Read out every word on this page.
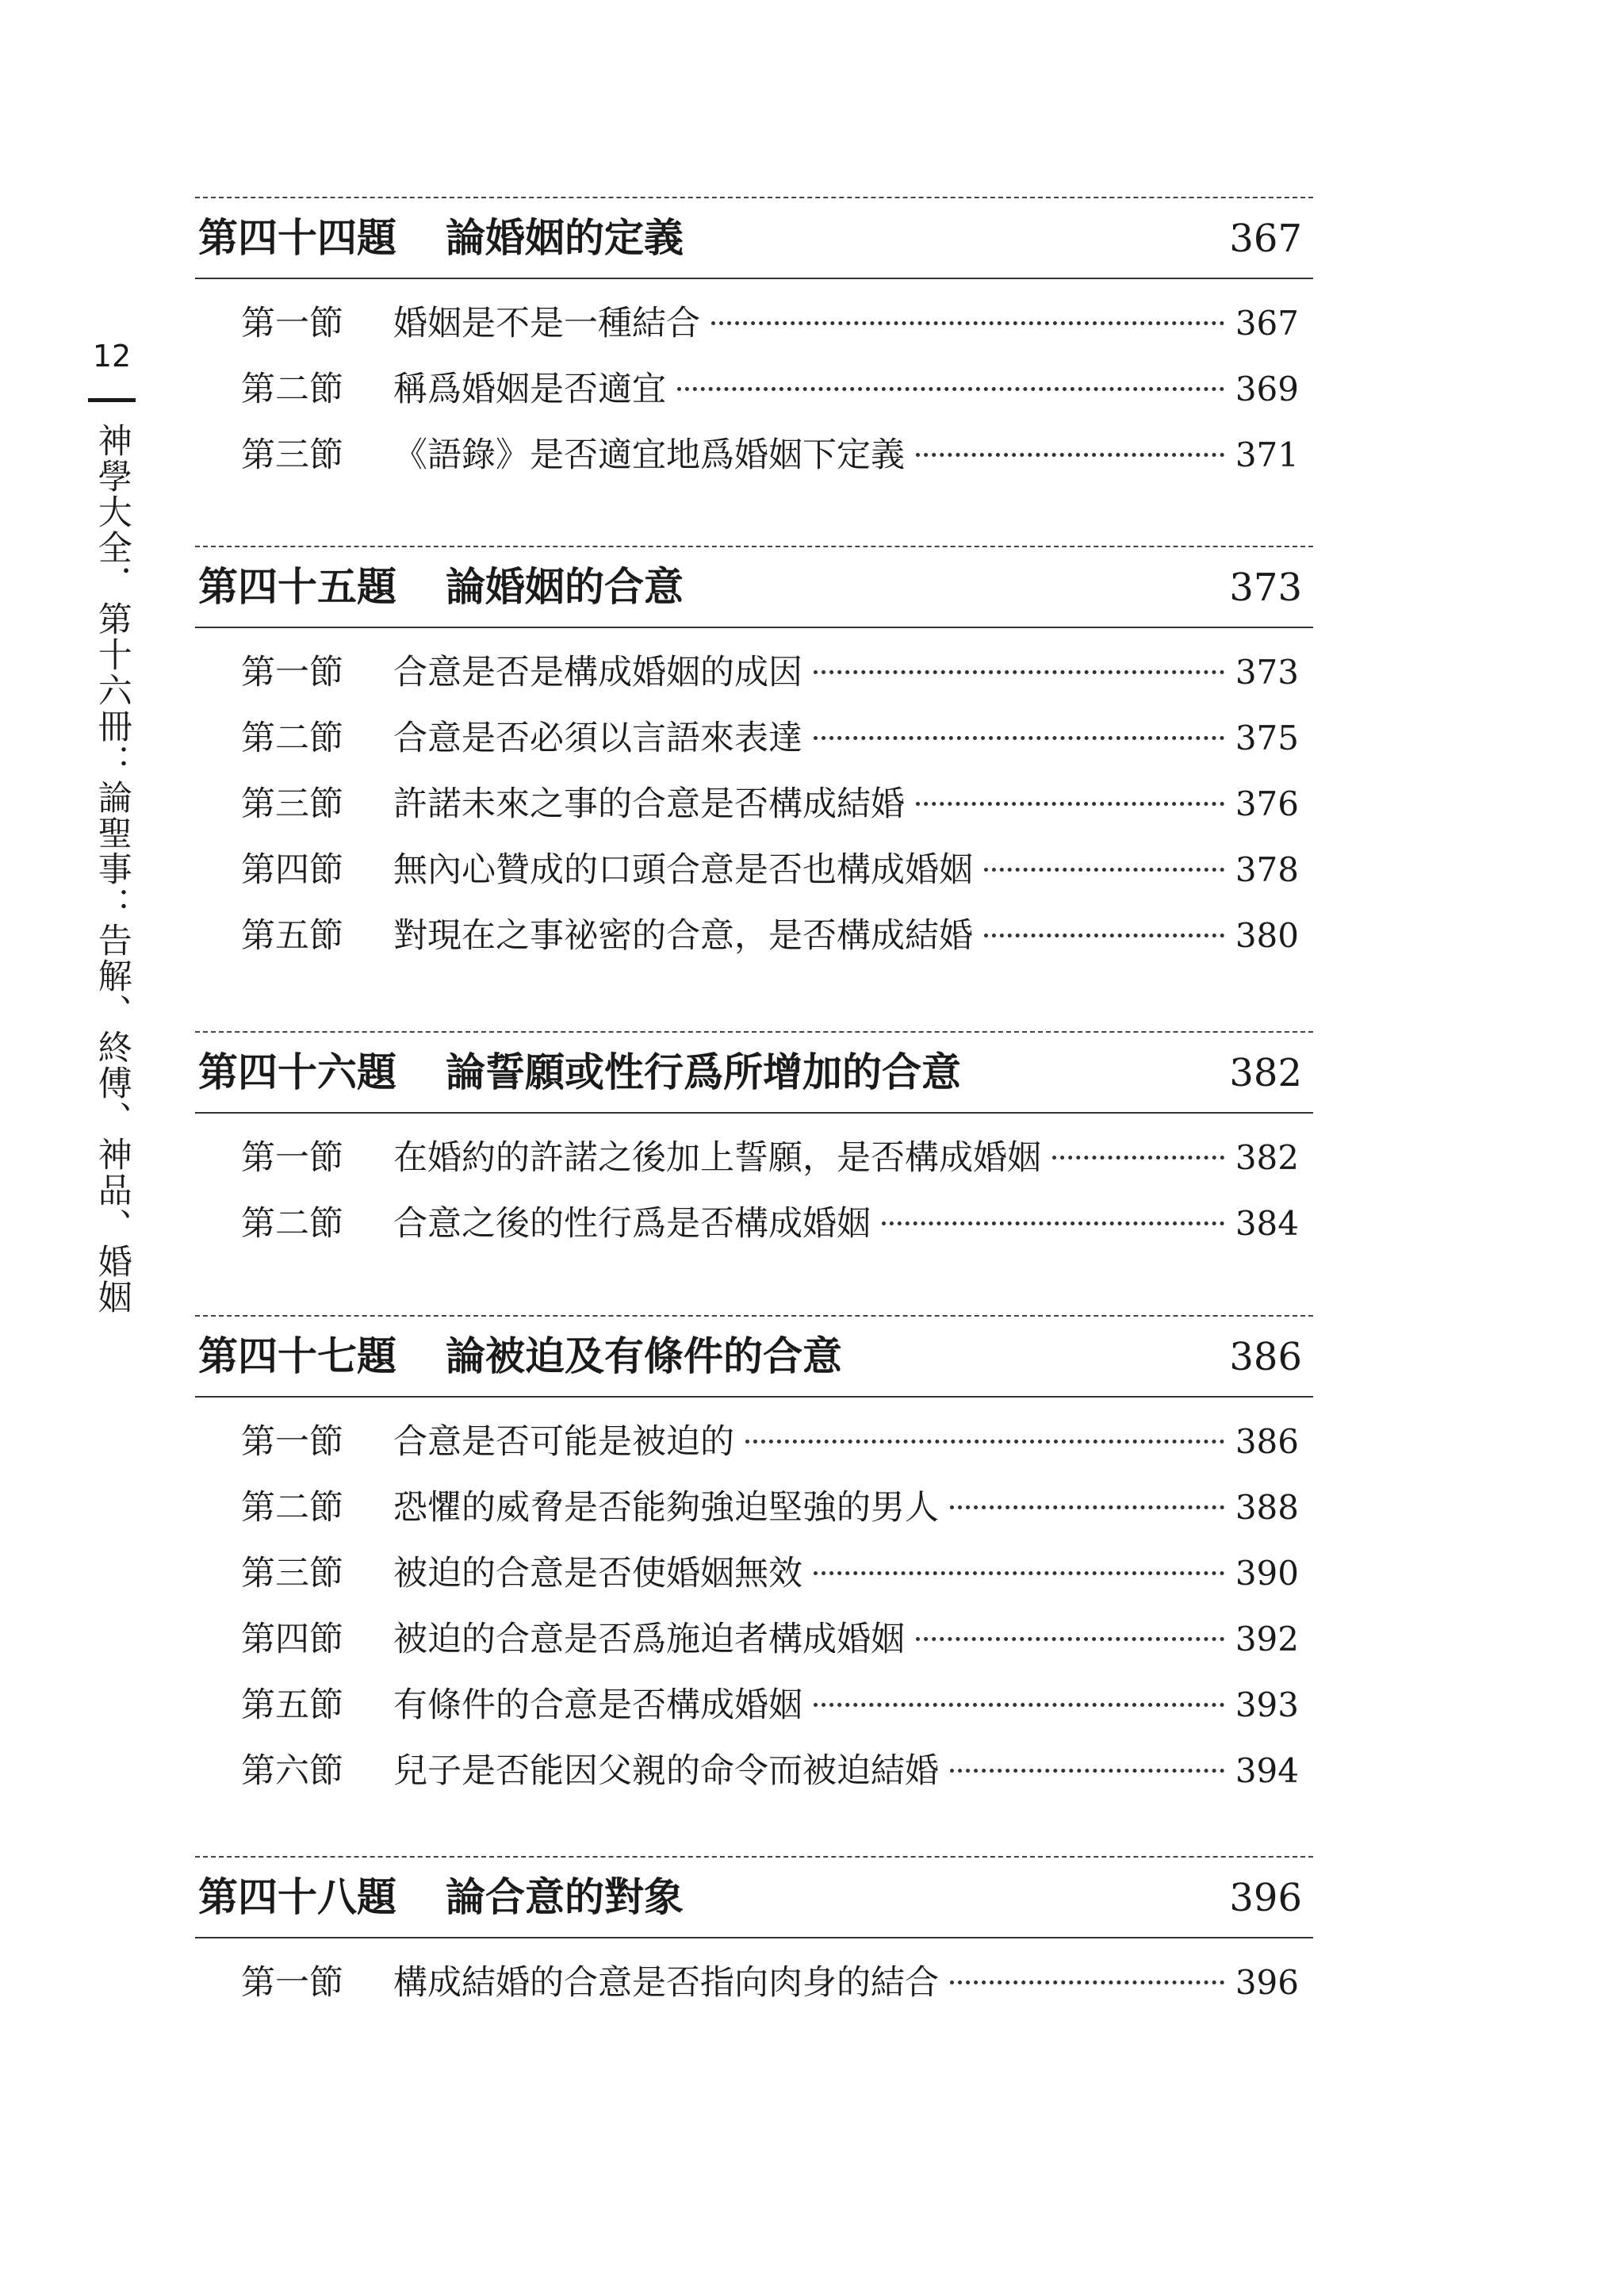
12
神學大全．第十六冊：論聖事：告解、終傅、神品、婚姻
第四十四題 論婚姻的定義	367
第一節	婚姻是不是一種結合	367
第二節	稱爲婚姻是否適宜	369
第三節	《語錄》是否適宜地爲婚姻下定義	371
第四十五題 論婚姻的合意	373
第一節	合意是否是構成婚姻的成因	373
第二節	合意是否必須以言語來表達	375
第三節	許諾未來之事的合意是否構成結婚	376
第四節	無內心贊成的口頭合意是否也構成婚姻	378
第五節	對現在之事祕密的合意，是否構成結婚	380
第四十六題 論誓願或性行爲所增加的合意	382
第一節	在婚約的許諾之後加上誓願，是否構成婚姻	382
第二節	合意之後的性行爲是否構成婚姻	384
第四十七題 論被迫及有條件的合意	386
第一節	合意是否可能是被迫的	386
第二節	恐懼的威脅是否能夠強迫堅強的男人	388
第三節	被迫的合意是否使婚姻無效	390
第四節	被迫的合意是否爲施迫者構成婚姻	392
第五節	有條件的合意是否構成婚姻	393
第六節	兒子是否能因父親的命令而被迫結婚	394
第四十八題 論合意的對象	396
第一節	構成結婚的合意是否指向肉身的結合	396
